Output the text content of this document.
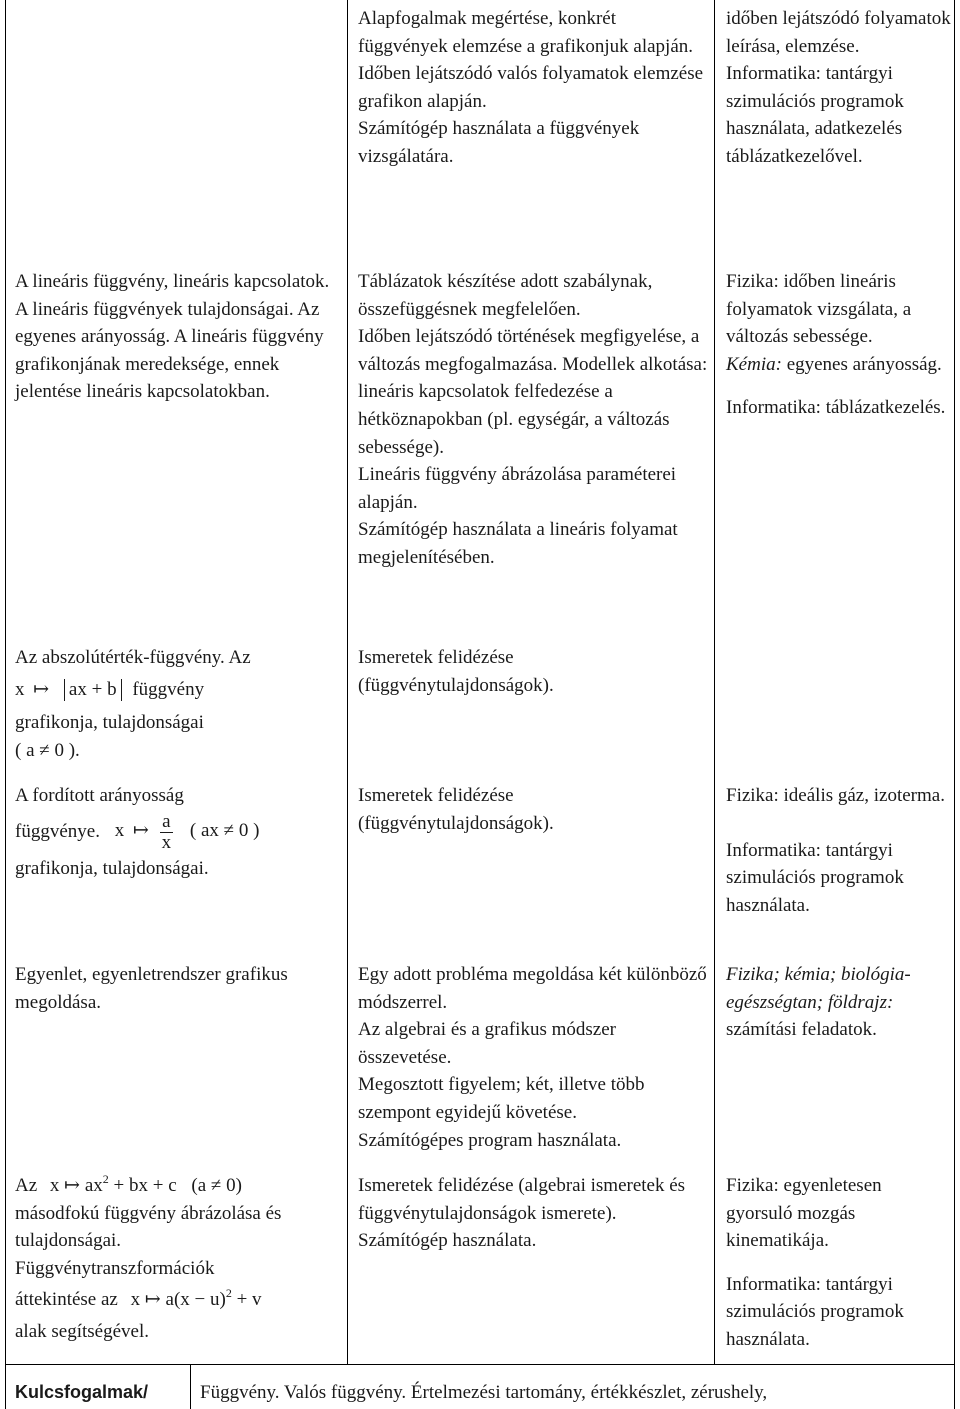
Alapfogalmak megértése, konkrét függvények elemzése a grafikonjuk alapján.

Időben lejátszódó valós folyamatok elemzése grafikon alapján.

Számítógép használata a függvények vizsgálatára.

időben lejátszódó folyamatok leírása, elemzése.

Informatika: tantárgyi szimulációs programok használata, adatkezelés táblázatkezelővel.

A lineáris függvény, lineáris kapcsolatok. A lineáris függvények tulajdonságai. Az egyenes arányosság. A lineáris függvény grafikonjának meredeksége, ennek jelentése lineáris kapcsolatokban.

Táblázatok készítése adott szabálynak, összefüggésnek megfelelően.

Időben lejátszódó történések megfigyelése, a változás megfogalmazása. Modellek alkotása: lineáris kapcsolatok felfedezése a hétköznapokban (pl. egységár, a változás sebessége).

Lineáris függvény ábrázolása paraméterei alapján.

Számítógép használata a lineáris folyamat megjelenítésében.

Fizika: időben lineáris folyamatok vizsgálata, a változás sebessége.

Kémia: egyenes arányosság.

Informatika: táblázatkezelés.

Az abszolútérték-függvény. Az

x ↦ ax + b függvény

grafikonja, tulajdonságai

( a ≠ 0 ).

Ismeretek felidézése (függvénytulajdonságok).

A fordított arányosság

függvénye. x ↦ $\frac{a}{x}$ ( ax ≠ 0 )

grafikonja, tulajdonságai.

Ismeretek felidézése (függvénytulajdonságok).

Fizika: ideális gáz, izoterma.

Informatika: tantárgyi szimulációs programok használata.

Egyenlet, egyenletrendszer grafikus megoldása.

Egy adott probléma megoldása két különböző módszerrel.

Az algebrai és a grafikus módszer összevetése.

Megosztott figyelem; két, illetve több szempont egyidejű követése.

Számítógépes program használata.

Fizika; kémia; biológia-egészségtan; földrajz: számítási feladatok.

Az x ↦ $ax^2$ + bx + c (a ≠ 0)

másodfokú függvény ábrázolása és tulajdonságai.

Függvénytranszformációk

áttekintése az x ↦ $a(x - u)^2 + v$

alak segítségével.

Ismeretek felidézése (algebrai ismeretek és függvénytulajdonságok ismerete).

Számítógép használata.

Fizika: egyenletesen gyorsuló mozgás kinematikája.

Informatika: tantárgyi szimulációs programok használata.

Kulcsfogalmak/	Függvény. Valós függvény. Értelmezési tartomány, értékkészlet, zérushely,
